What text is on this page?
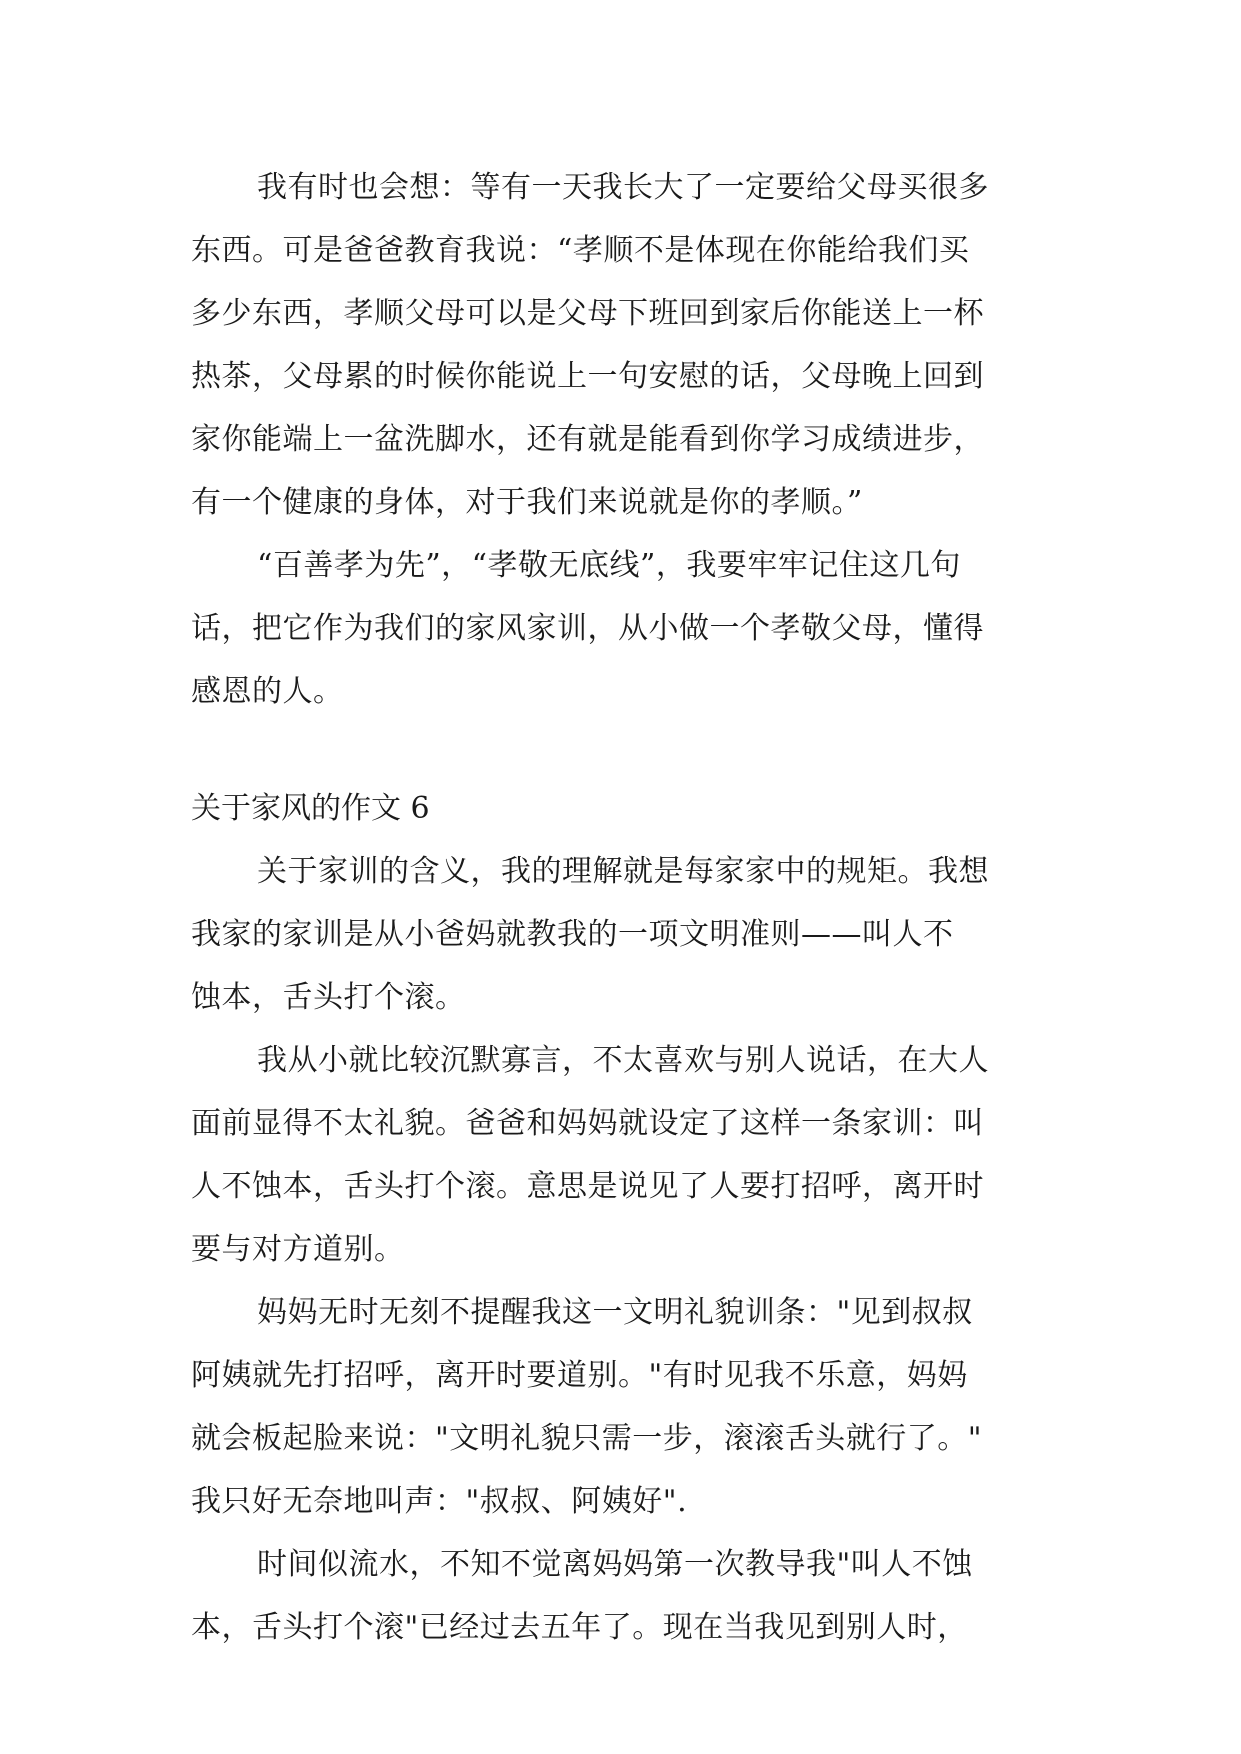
我有时也会想：等有一天我长大了一定要给父母买很多
东西。可是爸爸教育我说：“孝顺不是体现在你能给我们买
多少东西，孝顺父母可以是父母下班回到家后你能送上一杯
热茶，父母累的时候你能说上一句安慰的话，父母晚上回到
家你能端上一盆洗脚水，还有就是能看到你学习成绩进步，
有一个健康的身体，对于我们来说就是你的孝顺。”
“百善孝为先”，“孝敬无底线”，我要牢牢记住这几句
话，把它作为我们的家风家训，从小做一个孝敬父母，懂得
感恩的人。
关于家风的作文 6
关于家训的含义，我的理解就是每家家中的规矩。我想
我家的家训是从小爸妈就教我的一项文明准则——叫人不
蚀本，舌头打个滚。
我从小就比较沉默寡言，不太喜欢与别人说话，在大人
面前显得不太礼貌。爸爸和妈妈就设定了这样一条家训：叫
人不蚀本，舌头打个滚。意思是说见了人要打招呼，离开时
要与对方道别。
妈妈无时无刻不提醒我这一文明礼貌训条："见到叔叔
阿姨就先打招呼，离开时要道别。"有时见我不乐意，妈妈
就会板起脸来说："文明礼貌只需一步，滚滚舌头就行了。"
我只好无奈地叫声："叔叔、阿姨好".
时间似流水，不知不觉离妈妈第一次教导我"叫人不蚀
本，舌头打个滚"已经过去五年了。现在当我见到别人时，
